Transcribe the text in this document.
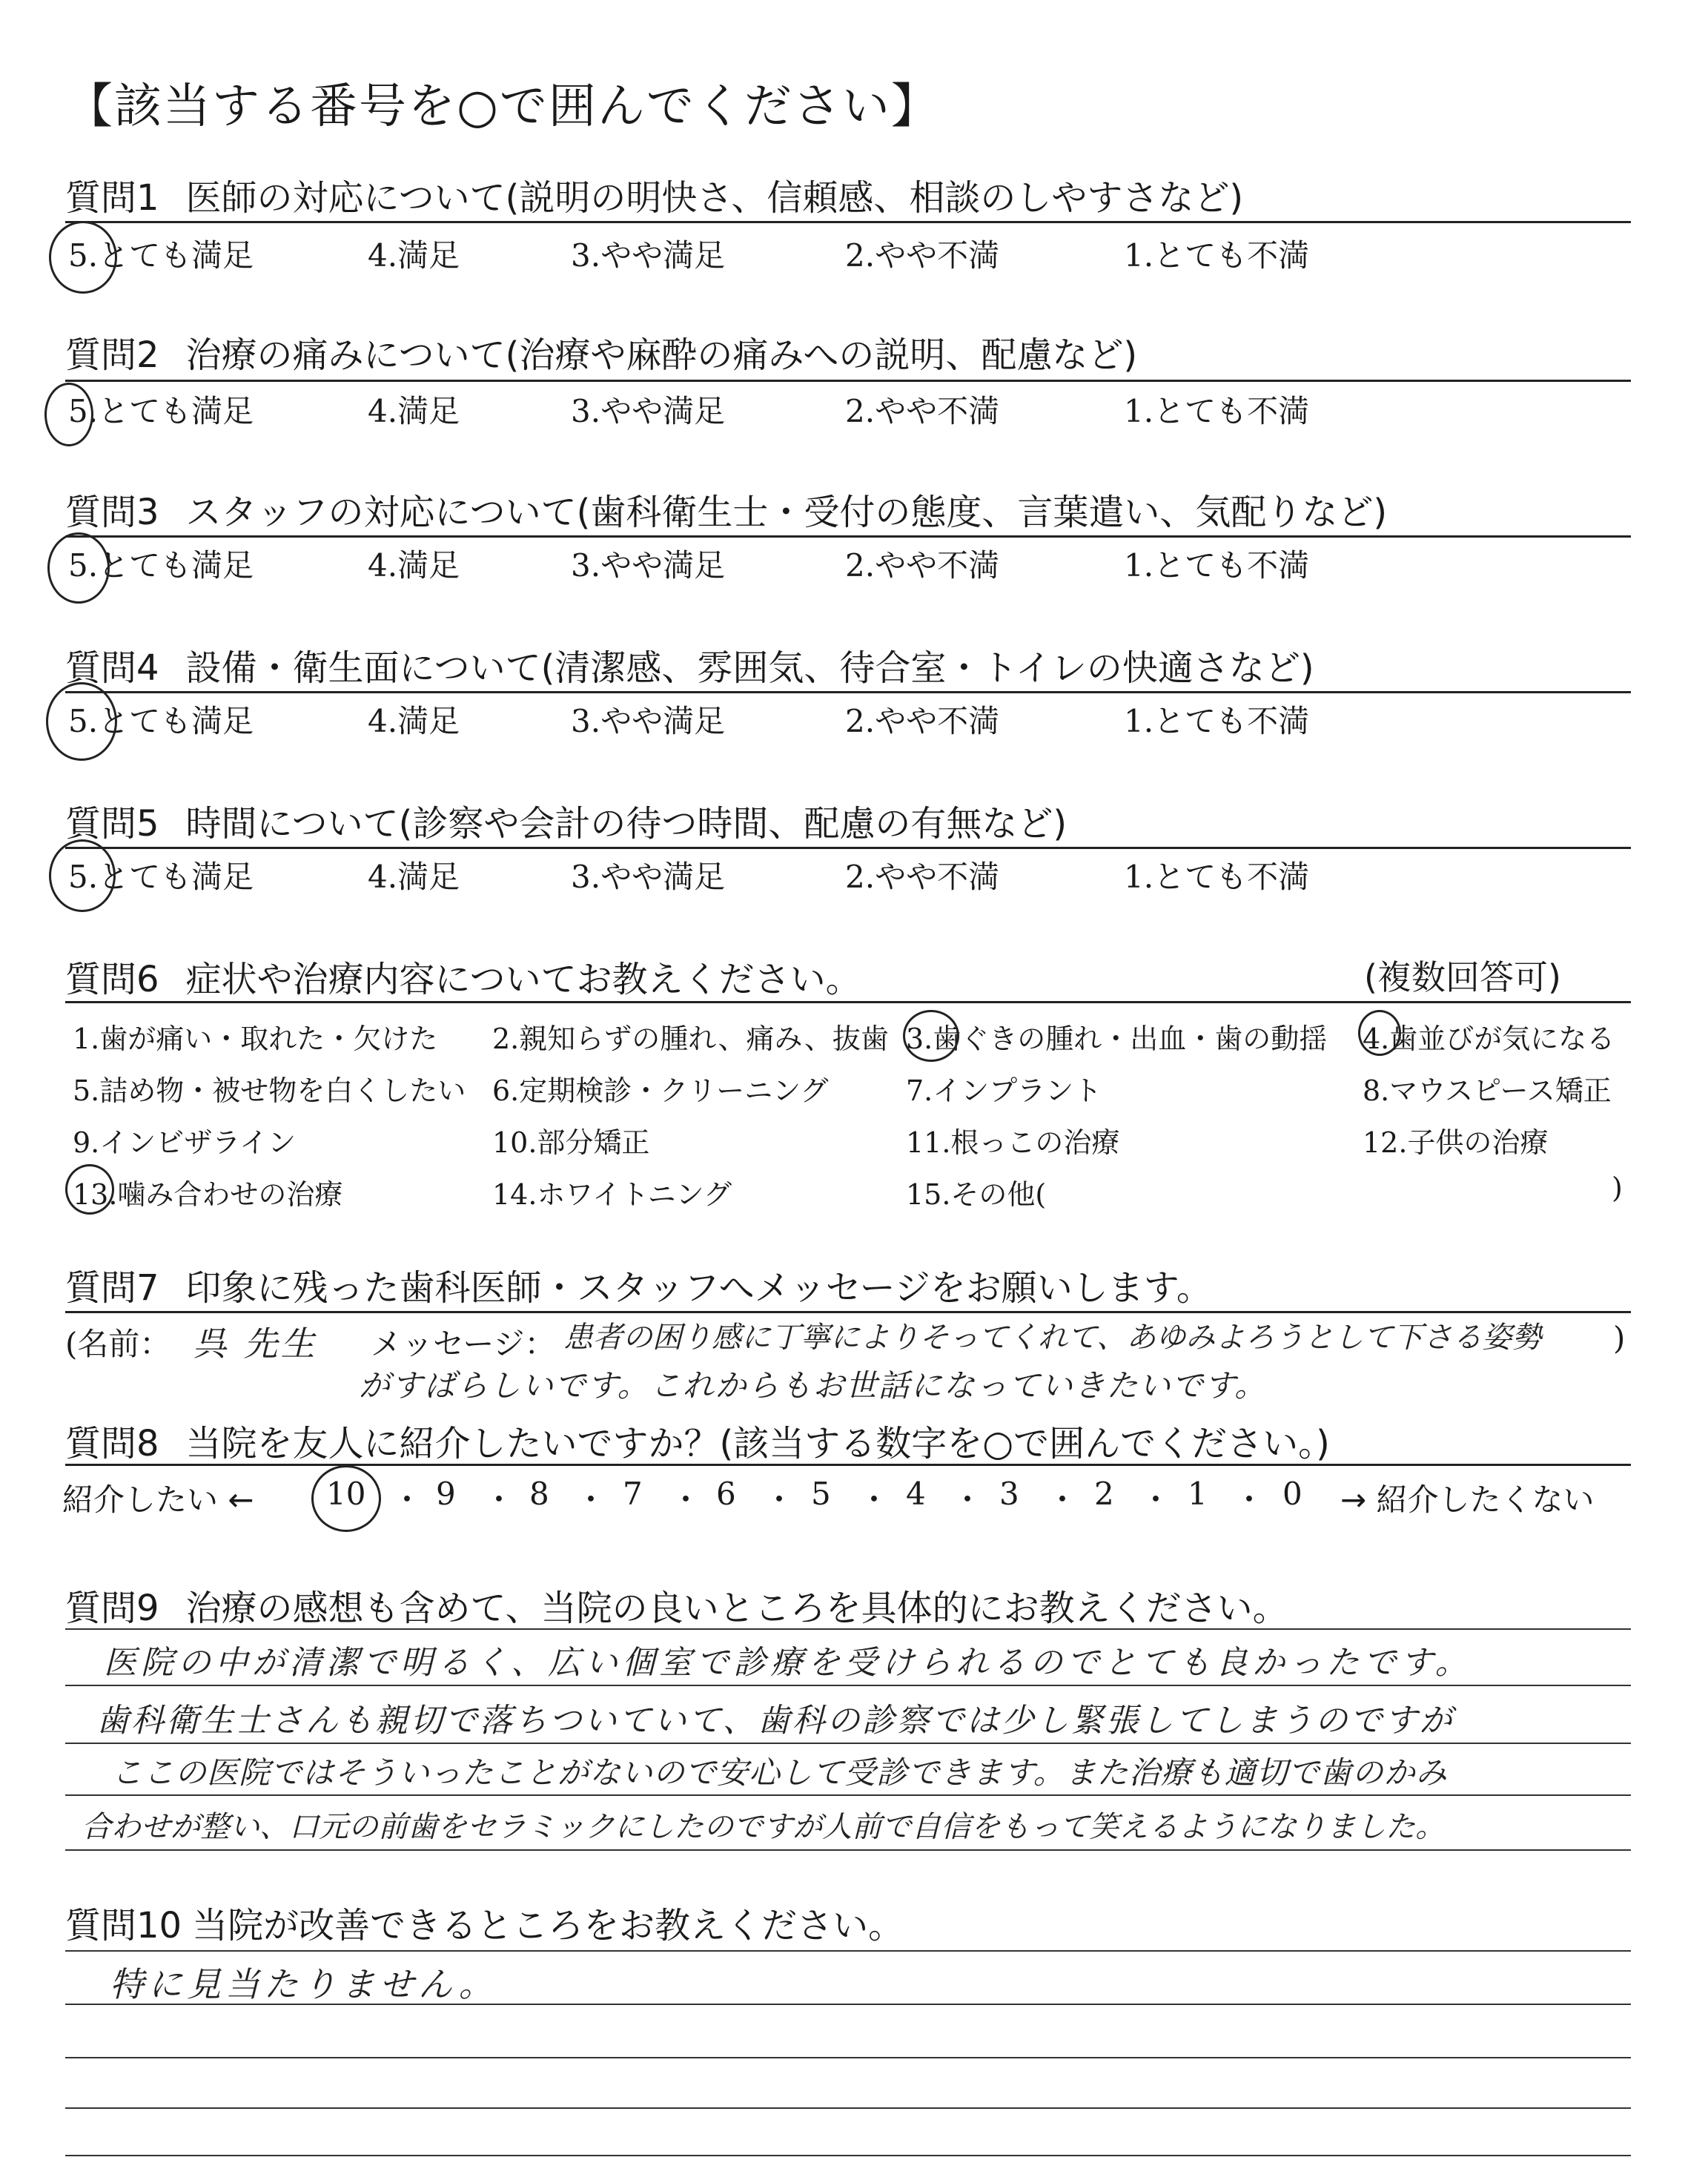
【該当する番号を○で囲んでください】
質問1 医師の対応について(説明の明快さ、信頼感、相談のしやすさなど)
5.とても満足	4.満足	3.やや満足	2.やや不満	1.とても不満
質問2 治療の痛みについて(治療や麻酔の痛みへの説明、配慮など)
5.とても満足	4.満足	3.やや満足	2.やや不満	1.とても不満
質問3 スタッフの対応について(歯科衛生士・受付の態度、言葉遣い、気配りなど)
5.とても満足	4.満足	3.やや満足	2.やや不満	1.とても不満
質問4 設備・衛生面について(清潔感、雰囲気、待合室・トイレの快適さなど)
5.とても満足	4.満足	3.やや満足	2.やや不満	1.とても不満
質問5 時間について(診察や会計の待つ時間、配慮の有無など)
5.とても満足	4.満足	3.やや満足	2.やや不満	1.とても不満
質問6 症状や治療内容についてお教えください。	(複数回答可)
1.歯が痛い・取れた・欠けた 2.親知らずの腫れ、痛み、抜歯 3.歯ぐきの腫れ・出血・歯の動揺 4.歯並びが気になる
5.詰め物・被せ物を白くしたい 6.定期検診・クリーニング	7.インプラント	8.マウスピース矯正
9.インビザライン	10.部分矯正	11.根っこの治療	12.子供の治療
13.噛み合わせの治療	14.ホワイトニング	15.その他(	)
質問7 印象に残った歯科医師・スタッフへメッセージをお願いします。
(名前： 呉 先生 メッセージ： 患者の困り感に丁寧によりそってくれて、あゆみよろうとして下さる姿勢 )
がすばらしいです。これからもお世話になっていきたいです。
質問8 当院を友人に紹介したいですか？(該当する数字を○で囲んでください。)
紹介したい ←	→ 紹介したくない
10 ・ 9 ・ 8 ・ 7 ・ 6 ・ 5 ・ 4 ・ 3 ・ 2 ・ 1 ・ 0
質問9 治療の感想も含めて、当院の良いところを具体的にお教えください。
医院の中が清潔で明るく、広い個室で診療を受けられるのでとても良かったです。
歯科衛生士さんも親切で落ちついていて、歯科の診察では少し緊張してしまうのですが
ここの医院ではそういったことがないので安心して受診できます。また治療も適切で歯のかみ
合わせが整い、口元の前歯をセラミックにしたのですが人前で自信をもって笑えるようになりました。
質問10 当院が改善できるところをお教えください。
特に見当たりません。
